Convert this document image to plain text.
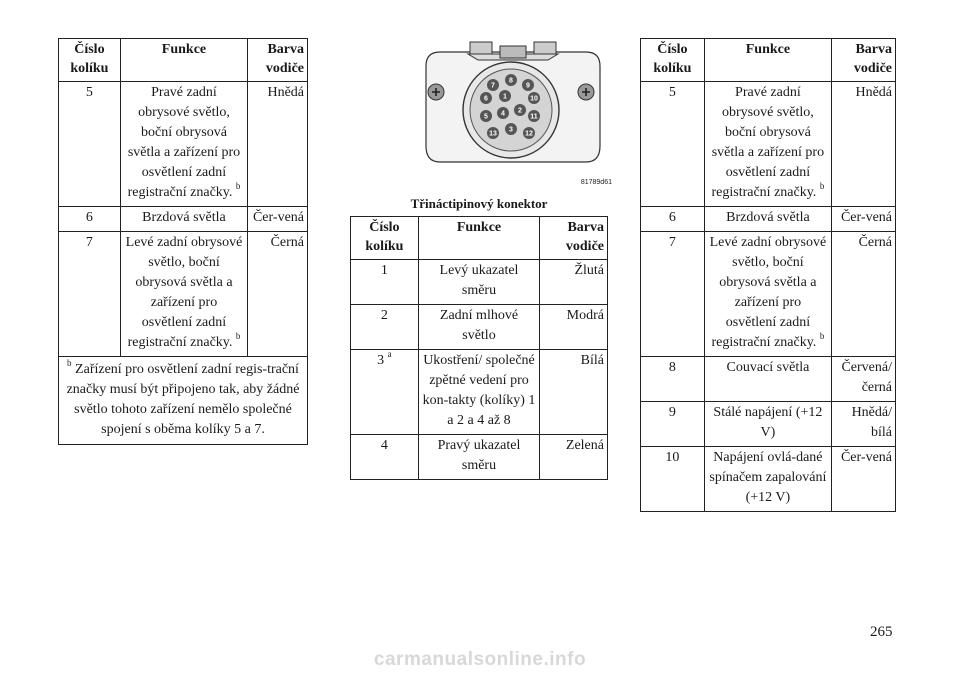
Číslo kolíku	Funkce	Barva vodiče
5	Pravé zadní obrysové světlo, boční obrysová světla a zařízení pro osvětlení zadní registrační značky. $^b$	Hnědá
6	Brzdová světla	Čer-vená
7	Levé zadní obrysové světlo, boční obrysová světla a zařízení pro osvětlení zadní registrační značky. $^b$	Černá
$^b$ Zařízení pro osvětlení zadní regis-trační značky musí být připojeno tak, aby žádné světlo tohoto zařízení nemělo společné spojení s oběma kolíky 5 a 7.		
7
8
9
6 1	10
5 4 2
11
13
3
12
81789d61
Třináctipinový konektor
Číslo kolíku	Funkce	Barva vodiče
1	Levý ukazatel směru	Žlutá
2	Zadní mlhové světlo	Modrá
3 $^a$	Ukostření/ společné zpětné vedení pro kon-takty (kolíky) 1 a 2 a 4 až 8	Bílá
4	Pravý ukazatel směru	Zelená
Číslo kolíku	Funkce	Barva vodiče
5	Pravé zadní obrysové světlo, boční obrysová světla a zařízení pro osvětlení zadní registrační značky. $^b$	Hnědá
6	Brzdová světla	Čer-vená
7	Levé zadní obrysové světlo, boční obrysová světla a zařízení pro osvětlení zadní registrační značky. $^b$	Černá
8	Couvací světla	Červená/ černá
9	Stálé napájení (+12 V)	Hnědá/ bílá
10	Napájení ovlá-dané spínačem zapalování (+12 V)	Čer-vená
265
carmanualsonline.info
